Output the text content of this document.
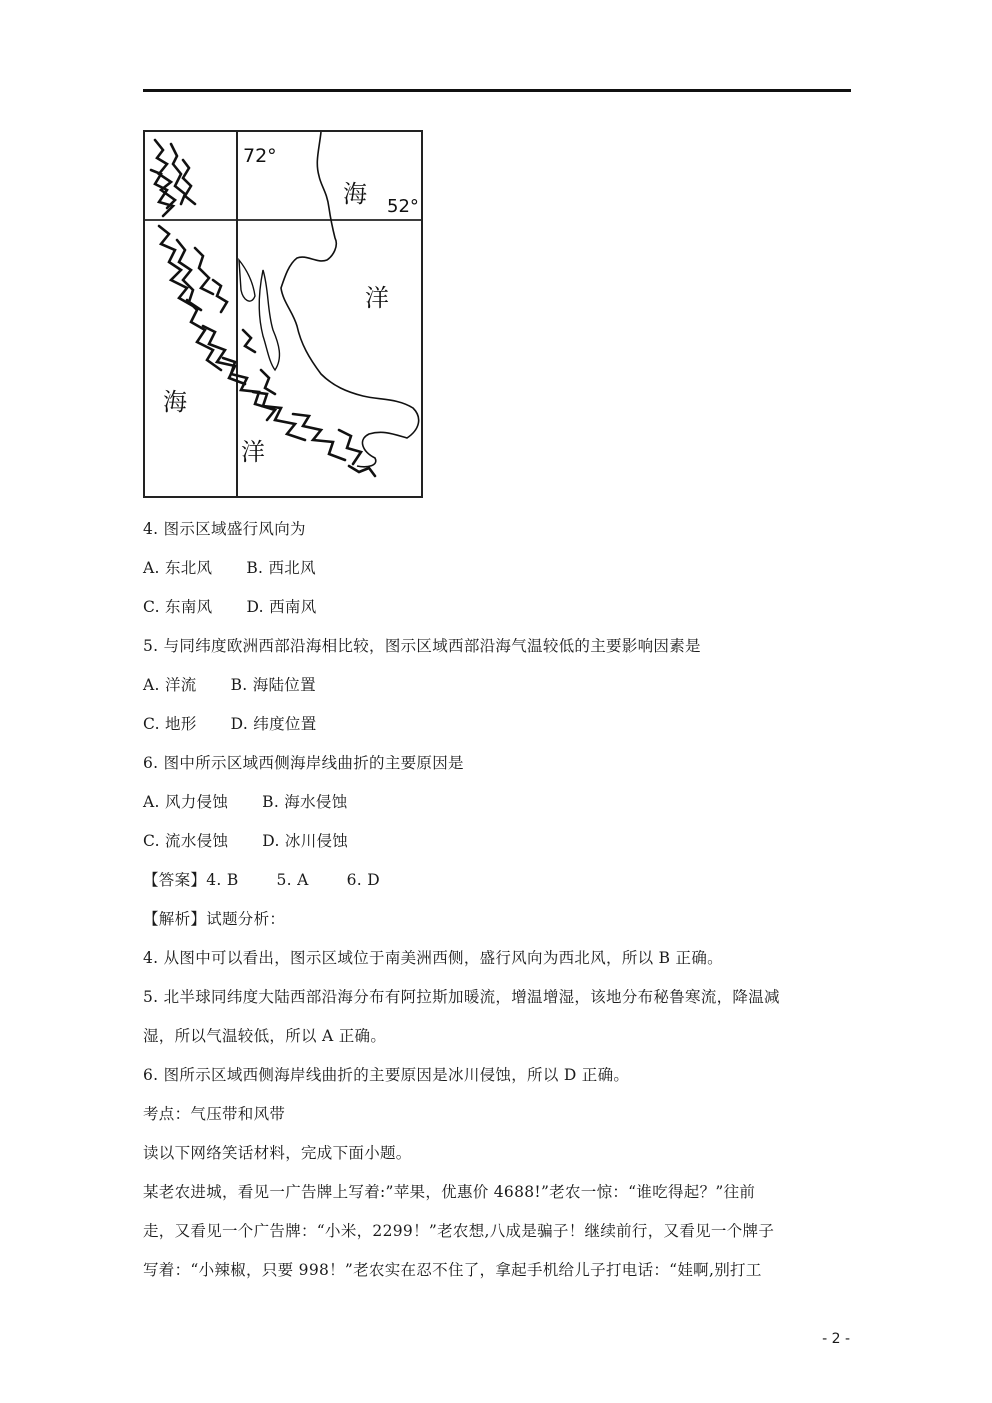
72°
52°
海
洋
海
洋
4. 图示区域盛行风向为
A. 东北风 B. 西北风
C. 东南风 D. 西南风
5. 与同纬度欧洲西部沿海相比较，图示区域西部沿海气温较低的主要影响因素是
A. 洋流 B. 海陆位置
C. 地形 D. 纬度位置
6. 图中所示区域西侧海岸线曲折的主要原因是
A. 风力侵蚀 B. 海水侵蚀
C. 流水侵蚀 D. 冰川侵蚀
【答案】4. B 5. A 6. D
【解析】试题分析：
4. 从图中可以看出，图示区域位于南美洲西侧，盛行风向为西北风，所以 B 正确。
5. 北半球同纬度大陆西部沿海分布有阿拉斯加暖流，增温增湿，该地分布秘鲁寒流，降温减
湿，所以气温较低，所以 A 正确。
6. 图所示区域西侧海岸线曲折的主要原因是冰川侵蚀，所以 D 正确。
考点：气压带和风带
读以下网络笑话材料，完成下面小题。
某老农进城，看见一广告牌上写着:”苹果，优惠价 4688!”老农一惊：“谁吃得起？”往前
走，又看见一个广告牌：“小米，2299！”老农想,八成是骗子！继续前行，又看见一个牌子
写着：“小辣椒，只要 998！”老农实在忍不住了，拿起手机给儿子打电话：“娃啊,别打工
- 2 -
